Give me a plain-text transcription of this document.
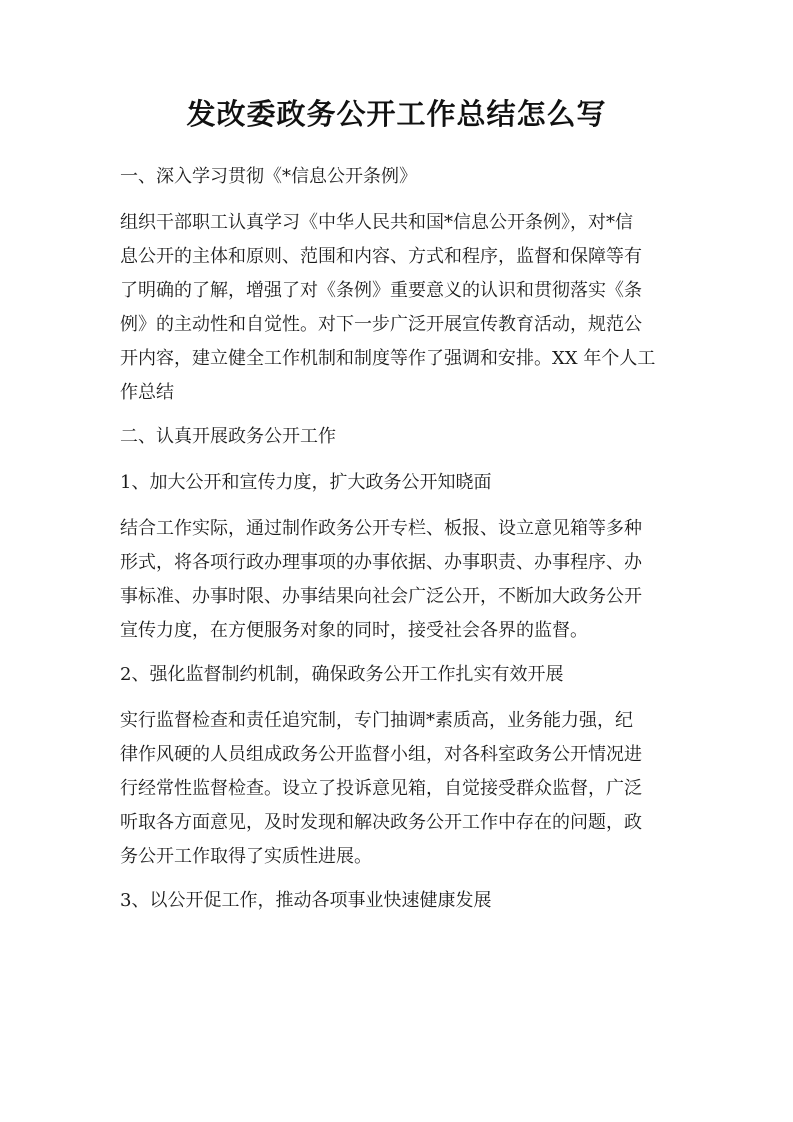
发改委政务公开工作总结怎么写
一、深入学习贯彻《*信息公开条例》
组织干部职工认真学习《中华人民共和国*信息公开条例》，对*信
息公开的主体和原则、范围和内容、方式和程序，监督和保障等有
了明确的了解，增强了对《条例》重要意义的认识和贯彻落实《条
例》的主动性和自觉性。对下一步广泛开展宣传教育活动，规范公
开内容，建立健全工作机制和制度等作了强调和安排。XX 年个人工
作总结
二、认真开展政务公开工作
1、加大公开和宣传力度，扩大政务公开知晓面
结合工作实际，通过制作政务公开专栏、板报、设立意见箱等多种
形式，将各项行政办理事项的办事依据、办事职责、办事程序、办
事标准、办事时限、办事结果向社会广泛公开，不断加大政务公开
宣传力度，在方便服务对象的同时，接受社会各界的监督。
2、强化监督制约机制，确保政务公开工作扎实有效开展
实行监督检查和责任追究制，专门抽调*素质高，业务能力强，纪
律作风硬的人员组成政务公开监督小组，对各科室政务公开情况进
行经常性监督检查。设立了投诉意见箱，自觉接受群众监督，广泛
听取各方面意见，及时发现和解决政务公开工作中存在的问题，政
务公开工作取得了实质性进展。
3、以公开促工作，推动各项事业快速健康发展
